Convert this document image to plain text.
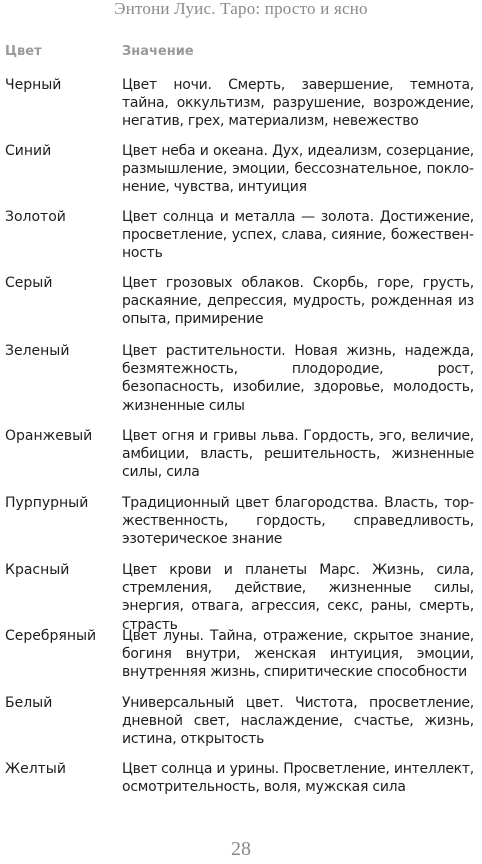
Энтони Луис. Таро: просто и ясно
Цвет	Значение
Черный	Цвет ночи. Смерть, завершение, темнота, тайна, оккультизм, разрушение, возрождение, негатив, грех, материализм, невежество
Синий	Цвет неба и океана. Дух, идеализм, созерцание, размышление, эмоции, бессознательное, поклонение, чувства, интуиция
Золотой	Цвет солнца и металла — золота. Достижение, просветление, успех, слава, сияние, божественность
Серый	Цвет грозовых облаков. Скорбь, горе, грусть, раскаяние, депрессия, мудрость, рожденная из опыта, примирение
Зеленый	Цвет растительности. Новая жизнь, надежда, безмятежность, плодородие, рост, безопасность, изобилие, здоровье, молодость, жизненные силы
Оранжевый Цвет огня и гривы льва. Гордость, эго, величие, амбиции, власть, решительность, жизненные силы, сила
Пурпурный Традиционный цвет благородства. Власть, торжественность, гордость, справедливость, эзотерическое знание
Красный	Цвет крови и планеты Марс. Жизнь, сила, стремления, действие, жизненные силы, энергия, отвага, агрессия, секс, раны, смерть, страсть
Серебряный Цвет луны. Тайна, отражение, скрытое знание, богиня внутри, женская интуиция, эмоции, внутренняя жизнь, спиритические способности
Белый	Универсальный цвет. Чистота, просветление, дневной свет, наслаждение, счастье, жизнь, истина, открытость
Желтый	Цвет солнца и урины. Просветление, интеллект, осмотрительность, воля, мужская сила
28
